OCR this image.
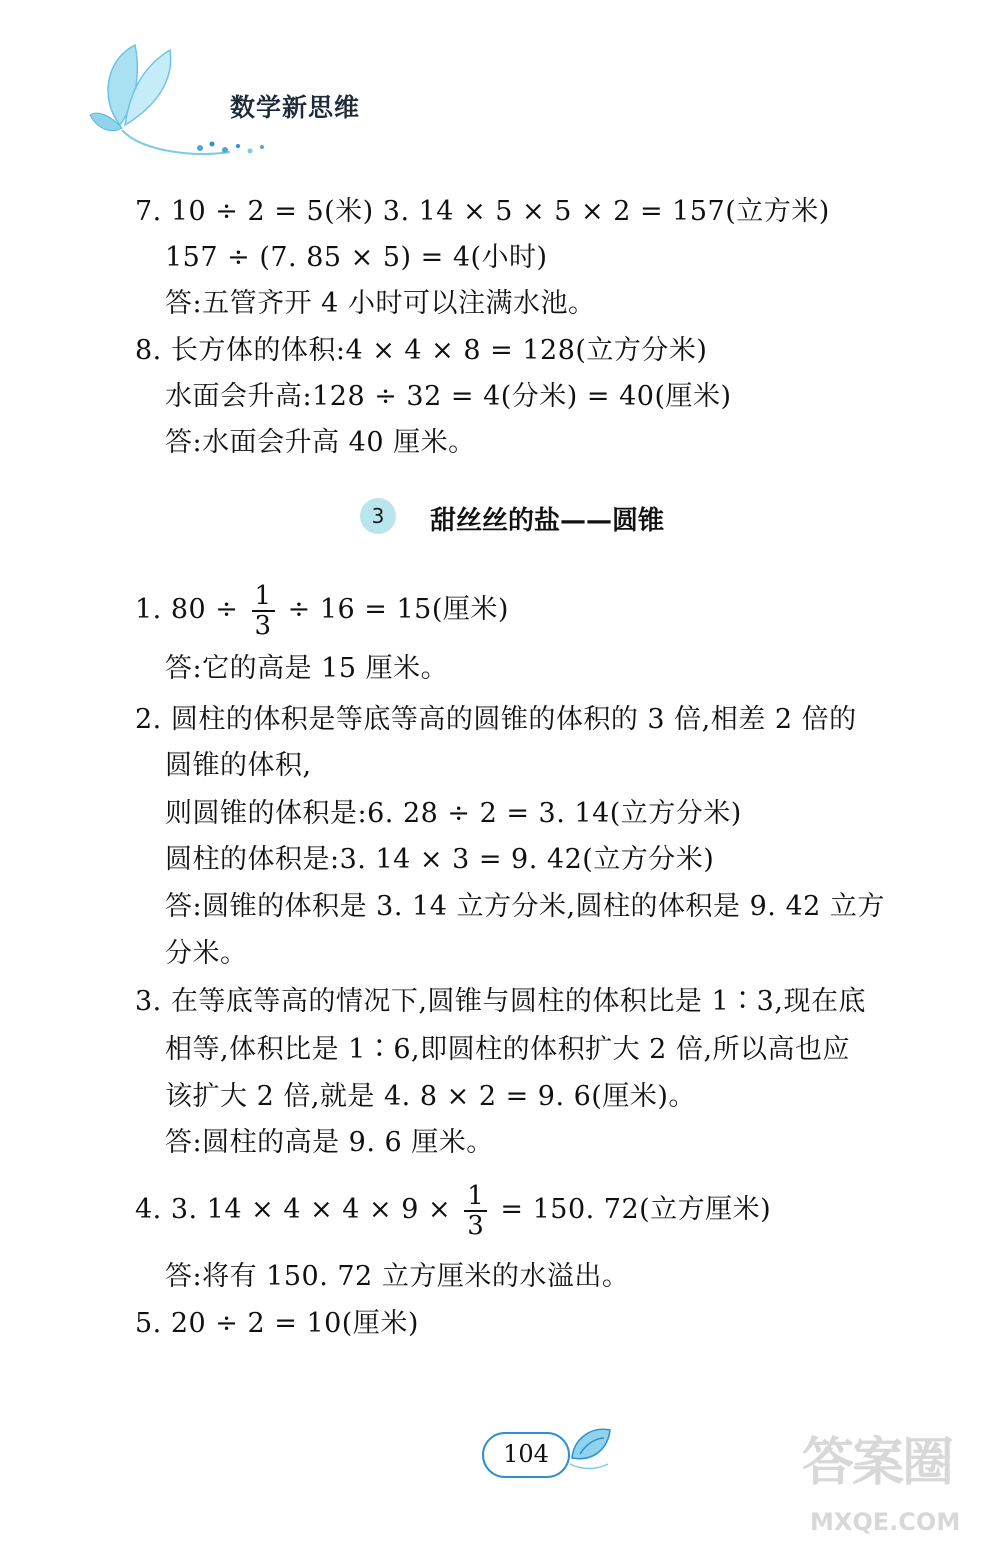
数学新思维
7. 10 ÷ 2 = 5(米) 3. 14 × 5 × 5 × 2 = 157(立方米)
157 ÷ (7. 85 × 5) = 4(小时)
答:五管齐开 4 小时可以注满水池。
8. 长方体的体积:4 × 4 × 8 = 128(立方分米)
水面会升高:128 ÷ 32 = 4(分米) = 40(厘米)
答:水面会升高 40 厘米。
3	甜丝丝的盐——圆锥
1. $80 \div \frac{1}{3} \div 16 = 15$(厘米)
答:它的高是 15 厘米。
2. 圆柱的体积是等底等高的圆锥的体积的 3 倍,相差 2 倍的
圆锥的体积,
则圆锥的体积是:6. 28 ÷ 2 = 3. 14(立方分米)
圆柱的体积是:3. 14 × 3 = 9. 42(立方分米)
答:圆锥的体积是 3. 14 立方分米,圆柱的体积是 9. 42 立方
分米。
3. 在等底等高的情况下,圆锥与圆柱的体积比是 1∶3,现在底
相等,体积比是 1∶6,即圆柱的体积扩大 2 倍,所以高也应
该扩大 2 倍,就是 4. 8 × 2 = 9. 6(厘米)。
答:圆柱的高是 9. 6 厘米。
4. 3. $14 \times 4 \times 4 \times 9 \times \frac{1}{3} = 150$. 72(立方厘米)
答:将有 150. 72 立方厘米的水溢出。
5. 20 ÷ 2 = 10(厘米)
104	答案圈
MXQE.COM
